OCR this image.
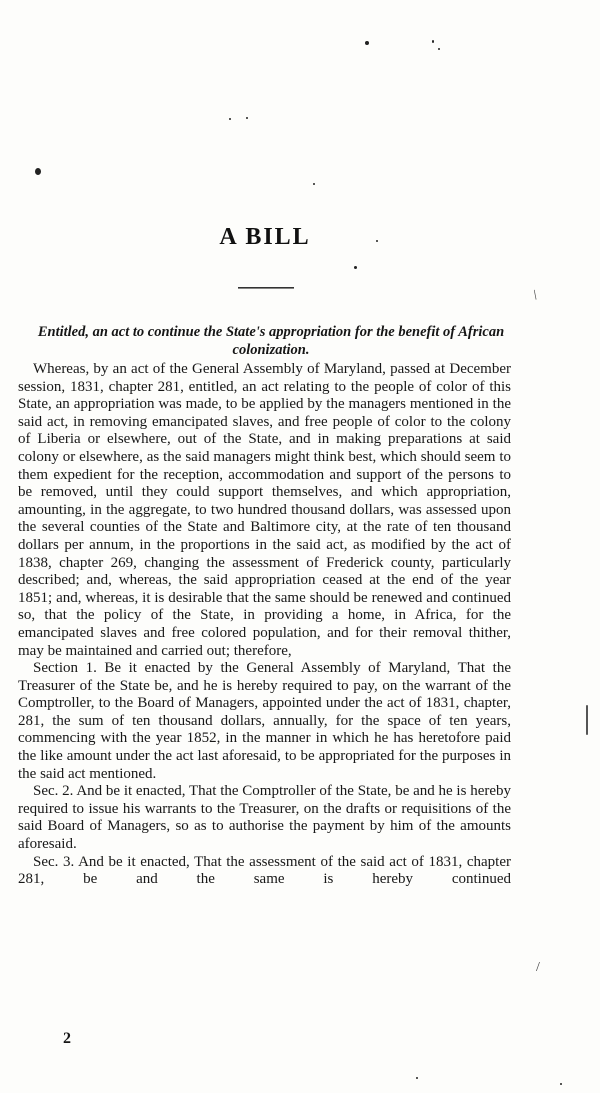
/
/
A BILL
Entitled, an act to continue the State's appropriation for the benefit of African colonization.

Whereas, by an act of the General Assembly of Maryland, passed at December session, 1831, chapter 281, entitled, an act relating to the people of color of this State, an appropriation was made, to be applied by the managers mentioned in the said act, in removing emancipated slaves, and free people of color to the colony of Liberia or elsewhere, out of the State, and in making preparations at said colony or elsewhere, as the said managers might think best, which should seem to them expedient for the reception, accommodation and support of the persons to be removed, until they could support themselves, and which appropriation, amounting, in the aggregate, to two hundred thousand dollars, was assessed upon the several counties of the State and Baltimore city, at the rate of ten thousand dollars per annum, in the proportions in the said act, as modified by the act of 1838, chapter 269, changing the assessment of Frederick county, particularly described; and, whereas, the said appropriation ceased at the end of the year 1851; and, whereas, it is desirable that the same should be renewed and continued so, that the policy of the State, in providing a home, in Africa, for the emancipated slaves and free colored population, and for their removal thither, may be maintained and carried out; therefore,

Section 1. Be it enacted by the General Assembly of Maryland, That the Treasurer of the State be, and he is hereby required to pay, on the warrant of the Comptroller, to the Board of Managers, appointed under the act of 1831, chapter, 281, the sum of ten thousand dollars, annually, for the space of ten years, commencing with the year 1852, in the manner in which he has heretofore paid the like amount under the act last aforesaid, to be appropriated for the purposes in the said act mentioned.

Sec. 2. And be it enacted, That the Comptroller of the State, be and he is hereby required to issue his warrants to the Treasurer, on the drafts or requisitions of the said Board of Managers, so as to authorise the payment by him of the amounts aforesaid.

Sec. 3. And be it enacted, That the assessment of the said act of 1831, chapter 281, be and the same is hereby continued

2
